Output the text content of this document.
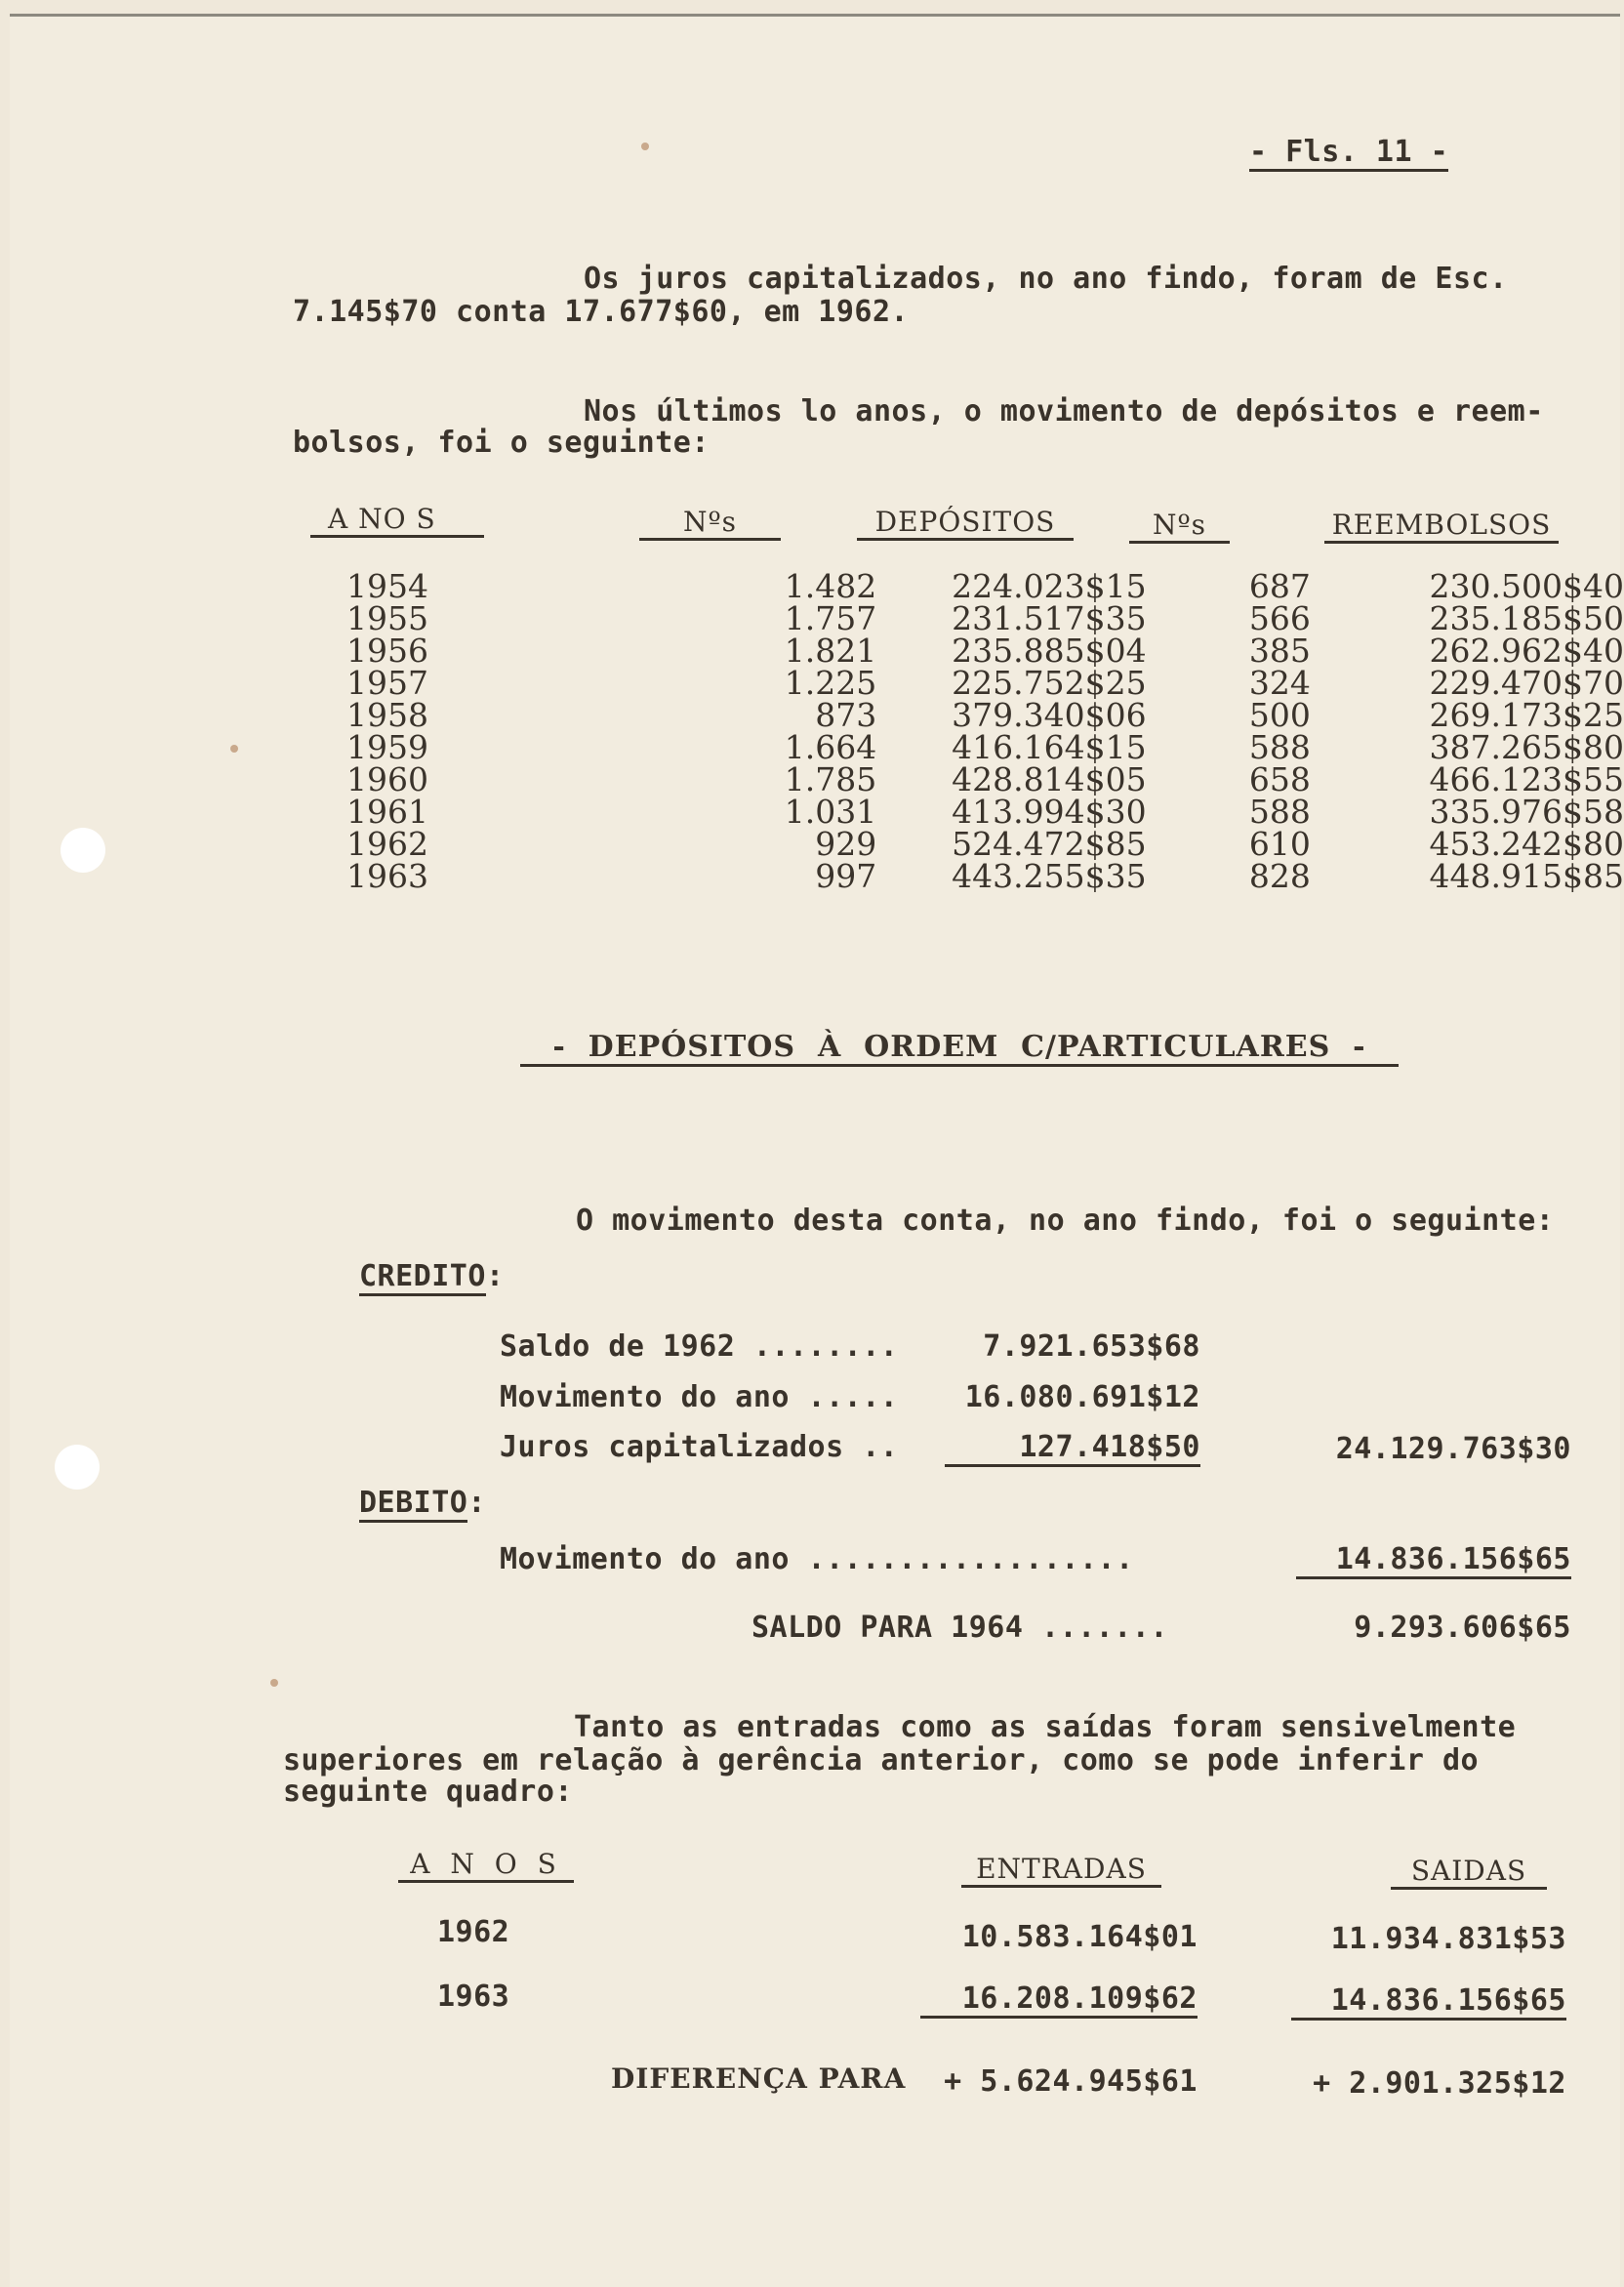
- Fls. 11 -
Os juros capitalizados, no ano findo, foram de Esc.
7.145$70 conta 17.677$60, em 1962.
Nos últimos lo anos, o movimento de depósitos e reem-
bolsos, foi o seguinte:
A NO S	Nºs	DEPÓSITOS	Nºs	REEMBOLSOS
1954	1.482	224.023$15	687	230.500$40
1955	1.757	231.517$35	566	235.185$50
1956	1.821	235.885$04	385	262.962$40
1957	1.225	225.752$25	324	229.470$70
1958	873	379.340$06	500	269.173$25
1959	1.664	416.164$15	588	387.265$80
1960	1.785	428.814$05	658	466.123$55
1961	1.031	413.994$30	588	335.976$58
1962	929	524.472$85	610	453.242$80
1963	997	443.255$35	828	448.915$85
-  DEPÓSITOS  À  ORDEM  C/PARTICULARES  -
O movimento desta conta, no ano findo, foi o seguinte:
CREDITO:
Saldo de 1962 ........	7.921.653$68
Movimento do ano .....	16.080.691$12
Juros capitalizados ..	127.418$50	24.129.763$30
DEBITO:
Movimento do ano ..................	14.836.156$65
SALDO PARA 1964 .......	9.293.606$65
Tanto as entradas como as saídas foram sensivelmente
superiores em relação à gerência anterior, como se pode inferir do
seguinte quadro:
A N O S	ENTRADAS	SAIDAS
1962	10.583.164$01	11.934.831$53
1963	16.208.109$62	14.836.156$65
DIFERENÇA PARA	+ 5.624.945$61	+ 2.901.325$12
